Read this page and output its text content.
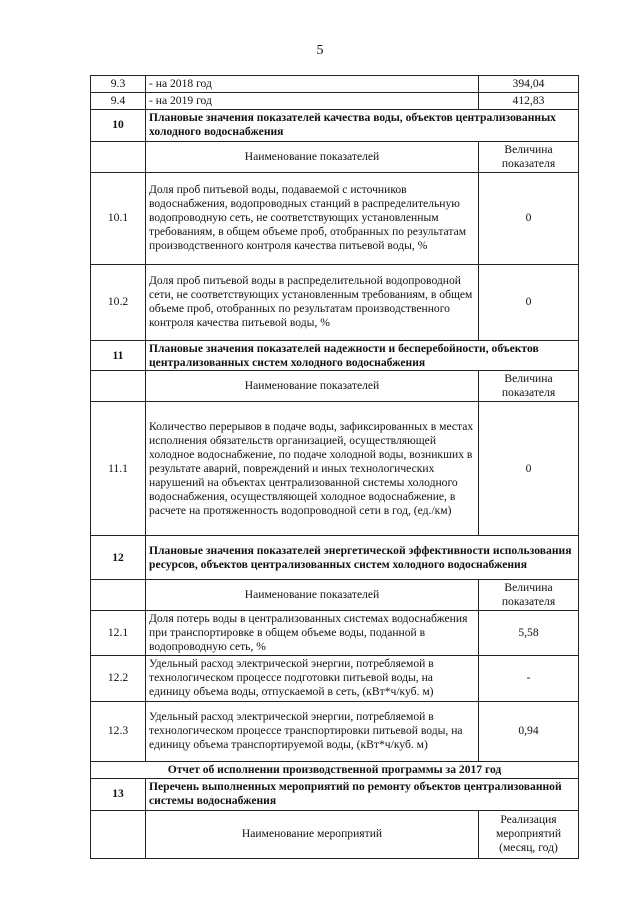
5
9.3	- на 2018 год	394,04
9.4	- на 2019 год	412,83
10	Плановые значения показателей качества воды, объектов централизованных холодного водоснабжения	
	Наименование показателей	Величина показателя
10.1	Доля проб питьевой воды, подаваемой с источников водоснабжения, водопроводных станций в распределительную водопроводную сеть, не соответствующих установленным требованиям, в общем объеме проб, отобранных по результатам производственного контроля качества питьевой воды, %	0
10.2	Доля проб питьевой воды в распределительной водопроводной сети, не соответствующих установленным требованиям, в общем объеме проб, отобранных по результатам производственного контроля качества питьевой воды, %	0
11	Плановые значения показателей надежности и бесперебойности, объектов централизованных систем холодного водоснабжения	
	Наименование показателей	Величина показателя
11.1	Количество перерывов в подаче воды, зафиксированных в местах исполнения обязательств организацией, осуществляющей холодное водоснабжение, по подаче холодной воды, возникших в результате аварий, повреждений и иных технологических нарушений на объектах централизованной системы холодного водоснабжения, осуществляющей холодное водоснабжение, в расчете на протяженность водопроводной сети в год, (ед./км)	0
12	Плановые значения показателей энергетической эффективности использования ресурсов, объектов централизованных систем холодного водоснабжения	
	Наименование показателей	Величина показателя
12.1	Доля потерь воды в централизованных системах водоснабжения при транспортировке в общем объеме воды, поданной в водопроводную сеть, %	5,58
12.2	Удельный расход электрической энергии, потребляемой в технологическом процессе подготовки питьевой воды, на единицу объема воды, отпускаемой в сеть, (кВт*ч/куб. м)	-
12.3	Удельный расход электрической энергии, потребляемой в технологическом процессе транспортировки питьевой воды, на единицу объема транспортируемой воды, (кВт*ч/куб. м)	0,94
Отчет об исполнении производственной программы за 2017 год		
13	Перечень выполненных мероприятий по ремонту объектов централизованной системы водоснабжения	
	Наименование мероприятий	Реализация мероприятий (месяц, год)
